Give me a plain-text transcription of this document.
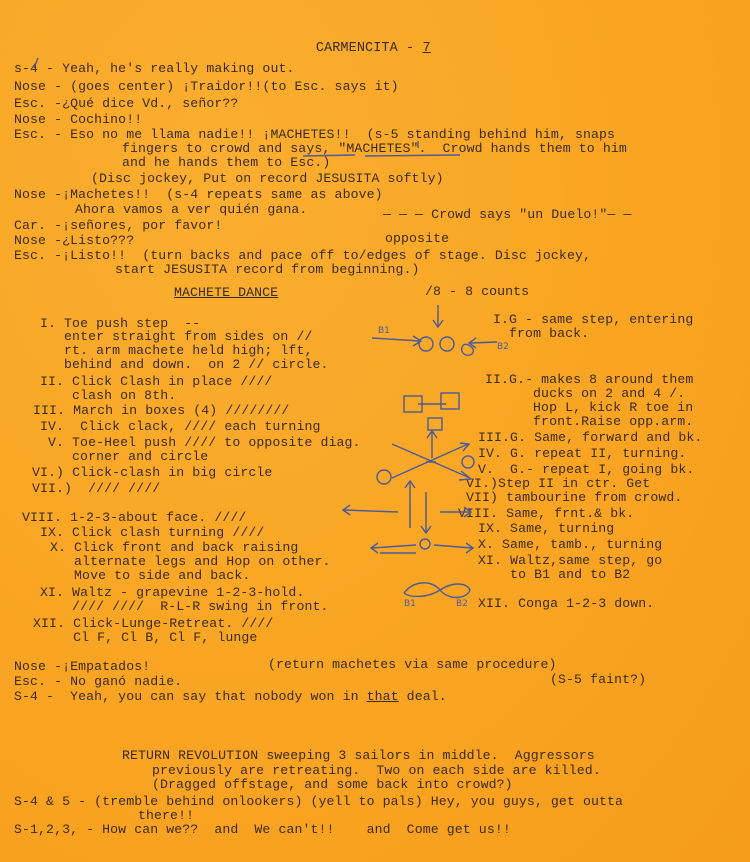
CARMENCITA - 7

s-4 - Yeah, he's really making out.
Nose - (goes center) ¡Traidor!!(to Esc. says it)
Esc. -¿Qué dice Vd., señor??
Nose - Cochino!!
Esc. - Eso no me llama nadie!! ¡MACHETES!!  (s-5 standing behind him, snaps
fingers to crowd and says, "MACHETES".  Crowd hands them to him
and he hands them to Esc.)
(Disc jockey, Put on record JESUSITA softly)
Nose -¡Machetes!!  (s-4 repeats same as above)
Ahora vamos a ver quién gana.	— — — Crowd says "un Duelo!"— —
Car. -¡señores, por favor!
opposite
Nose -¿Listo???
Esc. -¡Listo!!  (turn backs and pace off to/edges of stage. Disc jockey,
start JESUSITA record from beginning.)
MACHETE DANCE	/8 - 8 counts
I. Toe push step  --
enter straight from sides on //
rt. arm machete held high; lft,
behind and down.  on 2 // circle.
II. Click Clash in place ////
clash on 8th.
III. March in boxes (4) ////////
IV.  Click clack, //// each turning
V. Toe-Heel push //// to opposite diag.
corner and circle
VI.) Click-clash in big circle
VII.)  //// ////
VIII. 1-2-3-about face. ////
IX. Click clash turning ////
X. Click front and back raising
alternate legs and Hop on other.
Move to side and back.
XI. Waltz - grapevine 1-2-3-hold.
//// ////  R-L-R swing in front.
XII. Click-Lunge-Retreat. ////
Cl F, Cl B, Cl F, lunge
I.G - same step, entering
from back.
II.G.- makes 8 around them
ducks on 2 and 4 /.
Hop L, kick R toe in
front.Raise opp.arm.
III.G. Same, forward and bk.
IV. G. repeat II, turning.
V.  G.- repeat I, going bk.
VI.)Step II in ctr. Get
VII) tambourine from crowd.
VIII. Same, frnt.& bk.
IX. Same, turning
X. Same, tamb., turning
XI. Waltz,same step, go
to B1 and to B2
XII. Conga 1-2-3 down.
Nose -¡Empatados!	(return machetes via same procedure)
Esc. - No ganó nadie.	(S-5 faint?)
S-4 -  Yeah, you can say that nobody won in that deal.
RETURN REVOLUTION sweeping 3 sailors in middle.  Aggressors
previously are retreating.  Two on each side are killed.
(Dragged offstage, and some back into crowd?)
S-4 & 5 - (tremble behind onlookers) (yell to pals) Hey, you guys, get outta
there!!
S-1,2,3, - How can we??  and  We can't!!    and  Come get us!!
B1
B2
B1	B2
